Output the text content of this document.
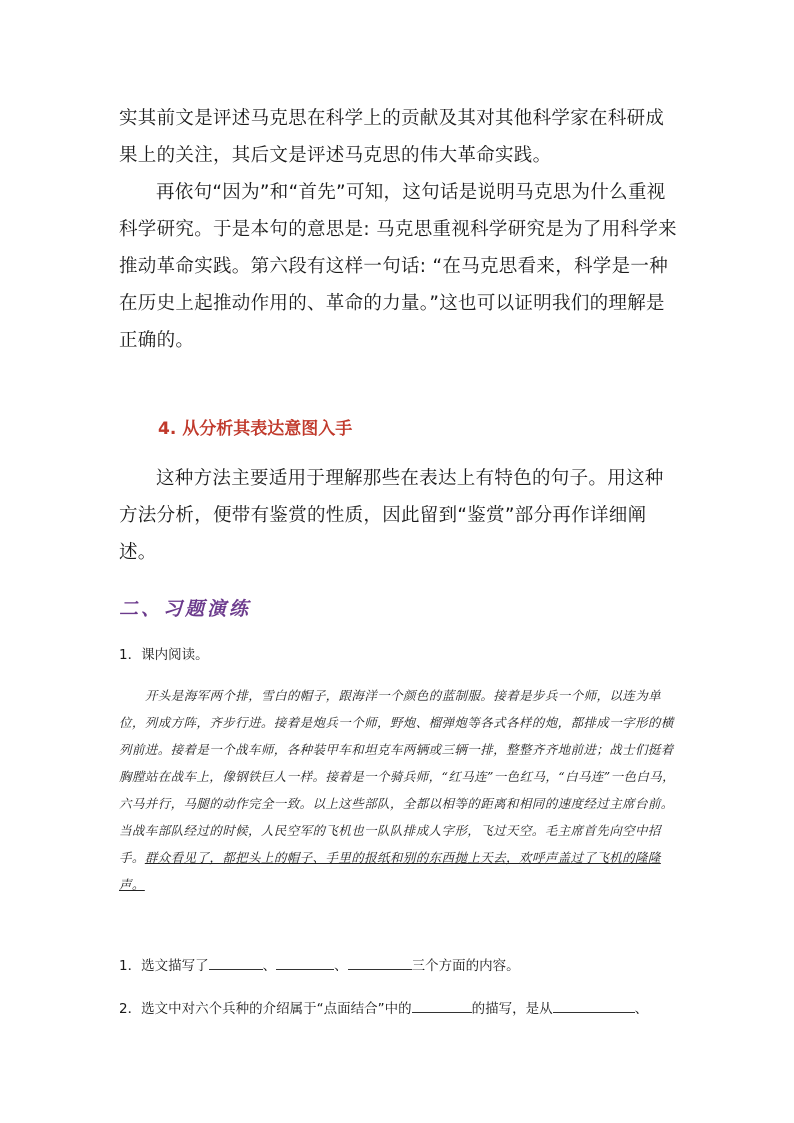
实其前文是评述马克思在科学上的贡献及其对其他科学家在科研成果上的关注，其后文是评述马克思的伟大革命实践。

再依句“因为”和“首先”可知，这句话是说明马克思为什么重视科学研究。于是本句的意思是: 马克思重视科学研究是为了用科学来推动革命实践。第六段有这样一句话: “在马克思看来，科学是一种在历史上起推动作用的、革命的力量。”这也可以证明我们的理解是正确的。

4. 从分析其表达意图入手

这种方法主要适用于理解那些在表达上有特色的句子。用这种方法分析，便带有鉴赏的性质，因此留到“鉴赏”部分再作详细阐述。

二、习题演练

1．课内阅读。

开头是海军两个排，雪白的帽子，跟海洋一个颜色的蓝制服。接着是步兵一个师，以连为单位，列成方阵，齐步行进。接着是炮兵一个师，野炮、榴弹炮等各式各样的炮，都排成一字形的横列前进。接着是一个战车师，各种装甲车和坦克车两辆或三辆一排，整整齐齐地前进；战士们挺着胸膛站在战车上，像钢铁巨人一样。接着是一个骑兵师，“红马连”一色红马，“白马连”一色白马，六马并行，马腿的动作完全一致。以上这些部队，全都以相等的距离和相同的速度经过主席台前。当战车部队经过的时候，人民空军的飞机也一队队排成人字形，飞过天空。毛主席首先向空中招手。群众看见了，都把头上的帽子、手里的报纸和别的东西抛上天去，欢呼声盖过了飞机的隆隆声。

1．选文描写了	、	、	三个方面的内容。

2．选文中对六个兵种的介绍属于“点面结合”中的	的描写，是从	、
